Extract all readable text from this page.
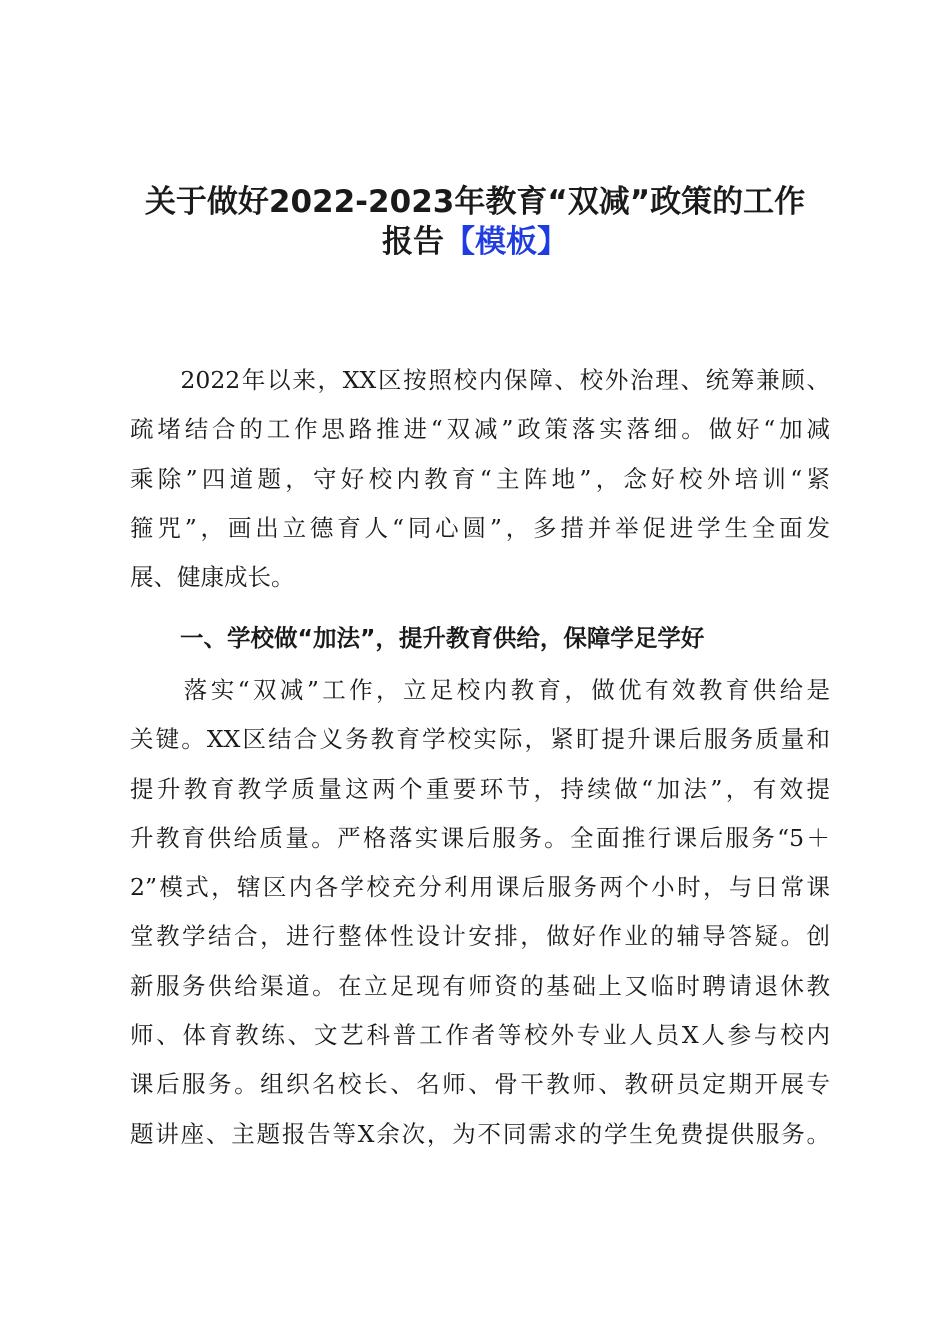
关于做好2022-2023年教育“双减”政策的工作
报告【模板】
　　2022年以来，XX区按照校内保障、校外治理、统筹兼顾、
疏堵结合的工作思路推进“双减”政策落实落细。做好“加减
乘除”四道题，守好校内教育“主阵地”，念好校外培训“紧
箍咒”，画出立德育人“同心圆”，多措并举促进学生全面发
展、健康成长。
一、学校做“加法”，提升教育供给，保障学足学好
　　落实“双减”工作，立足校内教育，做优有效教育供给是
关键。XX区结合义务教育学校实际，紧盯提升课后服务质量和
提升教育教学质量这两个重要环节，持续做“加法”，有效提
升教育供给质量。严格落实课后服务。全面推行课后服务“5＋
2”模式，辖区内各学校充分利用课后服务两个小时，与日常课
堂教学结合，进行整体性设计安排，做好作业的辅导答疑。创
新服务供给渠道。在立足现有师资的基础上又临时聘请退休教
师、体育教练、文艺科普工作者等校外专业人员X人参与校内
课后服务。组织名校长、名师、骨干教师、教研员定期开展专
题讲座、主题报告等X余次，为不同需求的学生免费提供服务。
